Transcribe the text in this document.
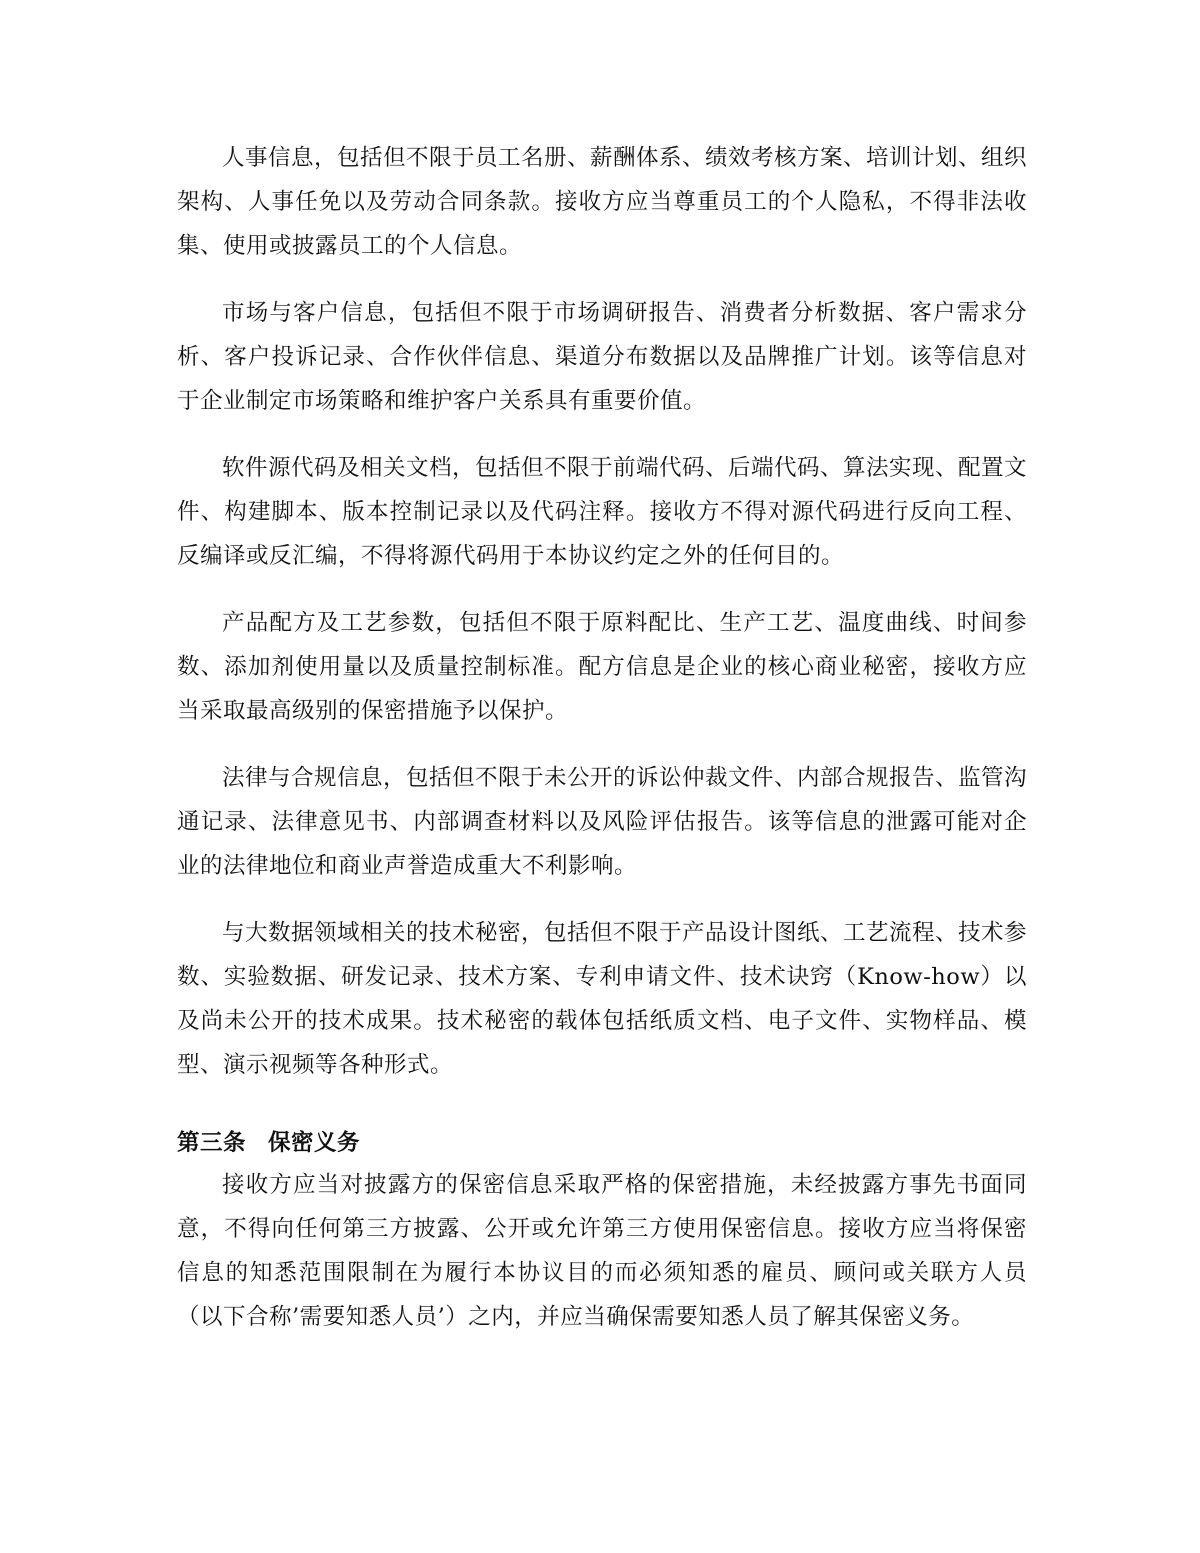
人事信息，包括但不限于员工名册、薪酬体系、绩效考核方案、培训计划、组织架构、人事任免以及劳动合同条款。接收方应当尊重员工的个人隐私，不得非法收集、使用或披露员工的个人信息。

市场与客户信息，包括但不限于市场调研报告、消费者分析数据、客户需求分析、客户投诉记录、合作伙伴信息、渠道分布数据以及品牌推广计划。该等信息对于企业制定市场策略和维护客户关系具有重要价值。

软件源代码及相关文档，包括但不限于前端代码、后端代码、算法实现、配置文件、构建脚本、版本控制记录以及代码注释。接收方不得对源代码进行反向工程、反编译或反汇编，不得将源代码用于本协议约定之外的任何目的。

产品配方及工艺参数，包括但不限于原料配比、生产工艺、温度曲线、时间参数、添加剂使用量以及质量控制标准。配方信息是企业的核心商业秘密，接收方应当采取最高级别的保密措施予以保护。

法律与合规信息，包括但不限于未公开的诉讼仲裁文件、内部合规报告、监管沟通记录、法律意见书、内部调查材料以及风险评估报告。该等信息的泄露可能对企业的法律地位和商业声誉造成重大不利影响。

与大数据领域相关的技术秘密，包括但不限于产品设计图纸、工艺流程、技术参数、实验数据、研发记录、技术方案、专利申请文件、技术诀窍（Know-how）以及尚未公开的技术成果。技术秘密的载体包括纸质文档、电子文件、实物样品、模型、演示视频等各种形式。

第三条 保密义务

接收方应当对披露方的保密信息采取严格的保密措施，未经披露方事先书面同意，不得向任何第三方披露、公开或允许第三方使用保密信息。接收方应当将保密信息的知悉范围限制在为履行本协议目的而必须知悉的雇员、顾问或关联方人员（以下合称’需要知悉人员’）之内，并应当确保需要知悉人员了解其保密义务。
